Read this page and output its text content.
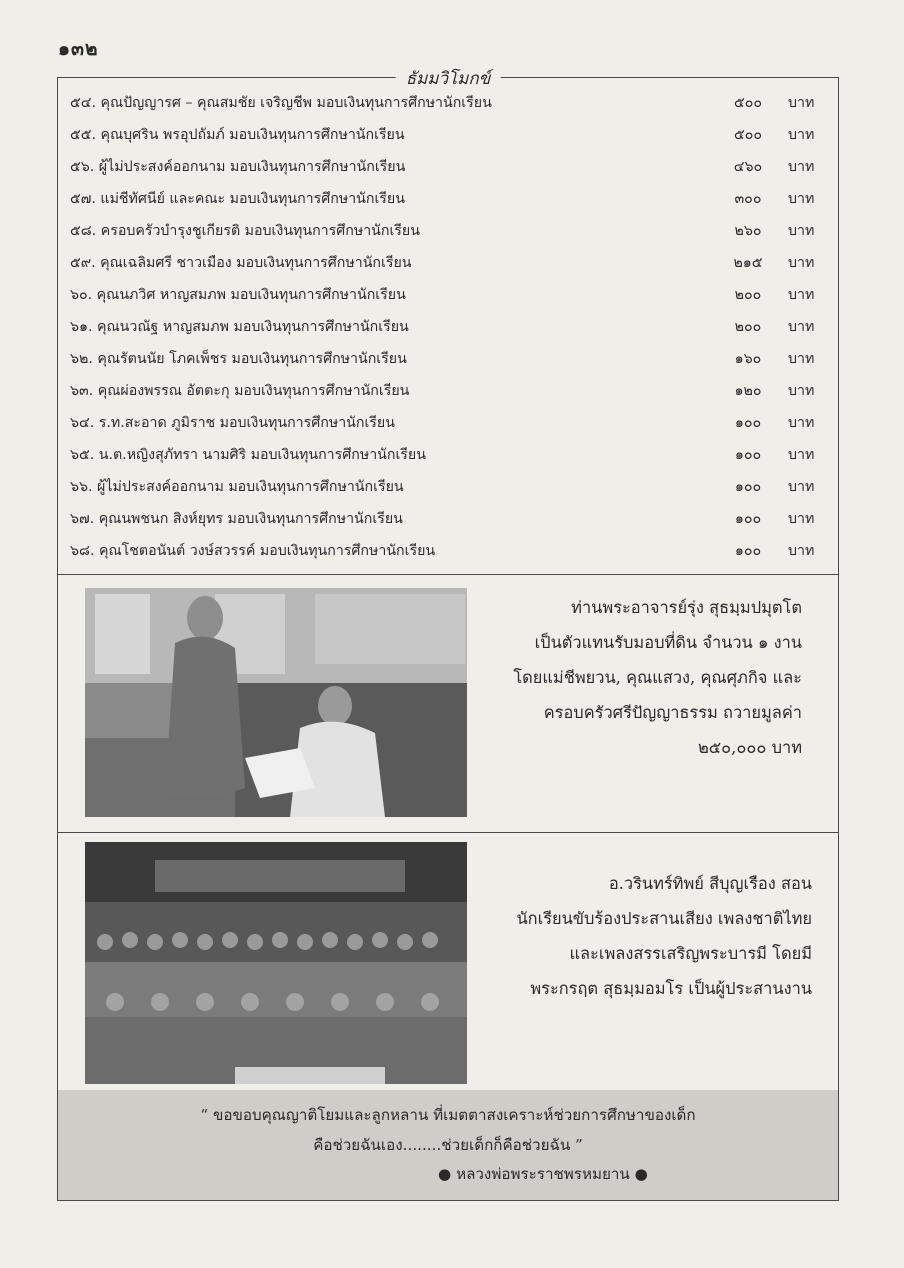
๑๓๒
ธัมมวิโมกข์
๕๔. คุณปัญญารศ – คุณสมชัย เจริญชีพ มอบเงินทุนการศึกษานักเรียน	๕๐๐	บาท
๕๕. คุณบุศริน พรอุปถัมภ์ มอบเงินทุนการศึกษานักเรียน	๕๐๐	บาท
๕๖. ผู้ไม่ประสงค์ออกนาม มอบเงินทุนการศึกษานักเรียน	๔๖๐	บาท
๕๗. แม่ชีทัศนีย์ และคณะ มอบเงินทุนการศึกษานักเรียน	๓๐๐	บาท
๕๘. ครอบครัวบำรุงชูเกียรติ มอบเงินทุนการศึกษานักเรียน	๒๖๐	บาท
๕๙. คุณเฉลิมศรี ชาวเมือง มอบเงินทุนการศึกษานักเรียน	๒๑๕	บาท
๖๐. คุณนภวิศ หาญสมภพ มอบเงินทุนการศึกษานักเรียน	๒๐๐	บาท
๖๑. คุณนวณัฐ หาญสมภพ มอบเงินทุนการศึกษานักเรียน	๒๐๐	บาท
๖๒. คุณรัตนนัย โภคเพ็ชร มอบเงินทุนการศึกษานักเรียน	๑๖๐	บาท
๖๓. คุณผ่องพรรณ อัตตะกุ มอบเงินทุนการศึกษานักเรียน	๑๒๐	บาท
๖๔. ร.ท.สะอาด ภูมิราช มอบเงินทุนการศึกษานักเรียน	๑๐๐	บาท
๖๕. น.ต.หญิงสุภัทรา นามศิริ มอบเงินทุนการศึกษานักเรียน	๑๐๐	บาท
๖๖. ผู้ไม่ประสงค์ออกนาม มอบเงินทุนการศึกษานักเรียน	๑๐๐	บาท
๖๗. คุณนพชนก สิงห์ยุทร มอบเงินทุนการศึกษานักเรียน	๑๐๐	บาท
๖๘. คุณโชตอนันต์ วงษ์สวรรค์ มอบเงินทุนการศึกษานักเรียน	๑๐๐	บาท
ท่านพระอาจารย์รุ่ง สุธมฺมปมุตโต
เป็นตัวแทนรับมอบที่ดิน จำนวน ๑ งาน
โดยแม่ชีพยวน, คุณแสวง, คุณศุภกิจ และ
ครอบครัวศรีปัญญาธรรม ถวายมูลค่า
๒๕๐,๐๐๐ บาท
อ.วรินทร์ทิพย์ สีบุญเรือง สอน
นักเรียนขับร้องประสานเสียง เพลงชาติไทย
และเพลงสรรเสริญพระบารมี โดยมี
พระกรฤต สุธมฺมอมโร เป็นผู้ประสานงาน
“ ขอขอบคุณญาติโยมและลูกหลาน ที่เมตตาสงเคราะห์ช่วยการศึกษาของเด็ก
คือช่วยฉันเอง........ช่วยเด็กก็คือช่วยฉัน ”
● หลวงพ่อพระราชพรหมยาน ●
